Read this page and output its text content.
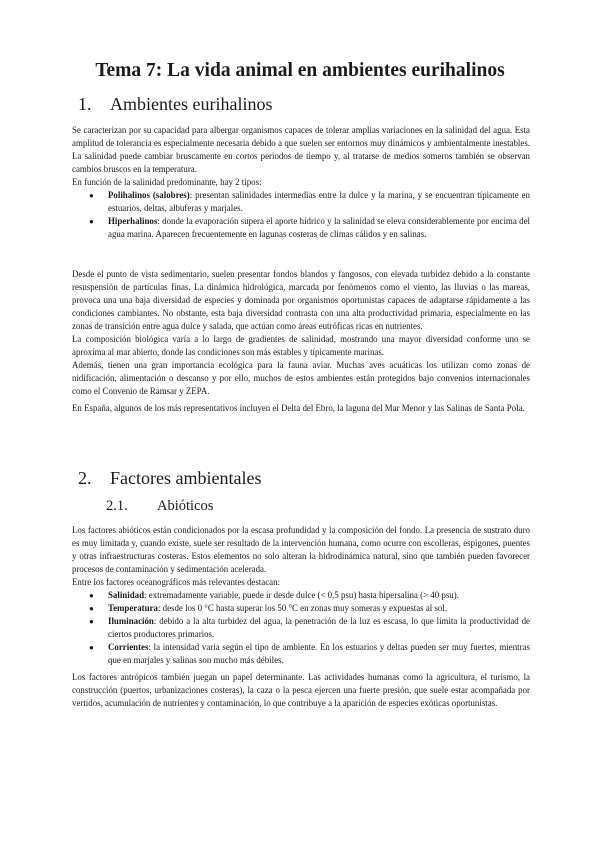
Tema 7: La vida animal en ambientes eurihalinos
1. Ambientes eurihalinos

Se caracterizan por su capacidad para albergar organismos capaces de tolerar amplias variaciones en la salinidad del agua. Esta amplitud de tolerancia es especialmente necesaria debido a que suelen ser entornos muy dinámicos y ambientalmente inestables. La salinidad puede cambiar bruscamente en cortos periodos de tiempo y, al tratarse de medios someros también se observan cambios bruscos en la temperatura.

En función de la salinidad predominante, hay 2 tipos:

● Polihalinos (salobres): presentan salinidades intermedias entre la dulce y la marina, y se encuentran típicamente en estuarios, deltas, albuferas y marjales.
● Hiperhalinos: donde la evaporación supera el aporte hídrico y la salinidad se eleva considerablemente por encima del agua marina. Aparecen frecuentemente en lagunas costeras de climas cálidos y en salinas.

Desde el punto de vista sedimentario, suelen presentar fondos blandos y fangosos, con elevada turbidez debido a la constante resuspensión de partículas finas. La dinámica hidrológica, marcada por fenómenos como el viento, las lluvias o las mareas, provoca una una baja diversidad de especies y dominada por organismos oportunistas capaces de adaptarse rápidamente a las condiciones cambiantes. No obstante, esta baja diversidad contrasta con una alta productividad primaria, especialmente en las zonas de transición entre agua dulce y salada, que actúan como áreas eutróficas ricas en nutrientes.

La composición biológica varía a lo largo de gradientes de salinidad, mostrando una mayor diversidad conforme uno se aproxima al mar abierto, donde las condiciones son más estables y típicamente marinas.

Además, tienen una gran importancia ecológica para la fauna aviar. Muchas aves acuáticas los utilizan como zonas de nidificación, alimentación o descanso y por ello, muchos de estos ambientes están protegidos bajo convenios internacionales como el Convenio de Ramsar y ZEPA.

En España, algunos de los más representativos incluyen el Delta del Ebro, la laguna del Mar Menor y las Salinas de Santa Pola.

2. Factores ambientales
2.1. Abióticos

Los factores abióticos están condicionados por la escasa profundidad y la composición del fondo. La presencia de sustrato duro es muy limitada y, cuando existe, suele ser resultado de la intervención humana, como ocurre con escolleras, espigones, puentes y otras infraestructuras costeras. Estos elementos no solo alteran la hidrodinámica natural, sino que también pueden favorecer procesos de contaminación y sedimentación acelerada.

Entre los factores oceanográficos más relevantes destacan:

● Salinidad: extremadamente variable, puede ir desde dulce (< 0,5 psu) hasta hipersalina (> 40 psu).
● Temperatura: desde los 0 °C hasta superar los 50 °C en zonas muy someras y expuestas al sol.
● Iluminación: debido a la alta turbidez del agua, la penetración de la luz es escasa, lo que limita la productividad de ciertos productores primarios.
● Corrientes: la intensidad varía según el tipo de ambiente. En los estuarios y deltas pueden ser muy fuertes, mientras que en marjales y salinas son mucho más débiles.

Los factores antrópicos también juegan un papel determinante. Las actividades humanas como la agricultura, el turismo, la construcción (puertos, urbanizaciones costeras), la caza o la pesca ejercen una fuerte presión, que suele estar acompañada por vertidos, acumulación de nutrientes y contaminación, lo que contribuye a la aparición de especies exóticas oportunistas.
